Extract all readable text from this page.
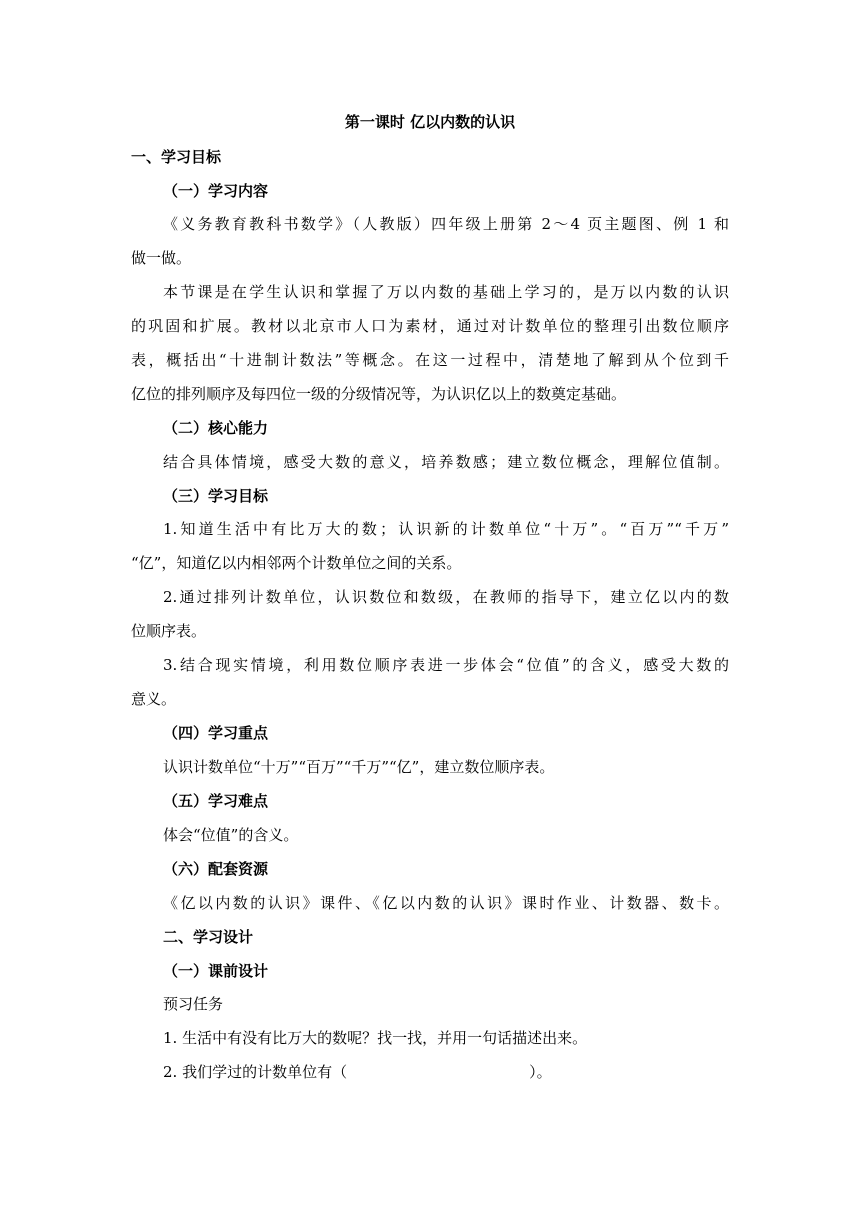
第一课时 亿以内数的认识
一、学习目标
（一）学习内容
《义务教育教科书数学》（人教版）四年级上册第 2～4 页主题图、例 1 和
做一做。
本节课是在学生认识和掌握了万以内数的基础上学习的，是万以内数的认识
的巩固和扩展。教材以北京市人口为素材，通过对计数单位的整理引出数位顺序
表，概括出“十进制计数法”等概念。在这一过程中，清楚地了解到从个位到千
亿位的排列顺序及每四位一级的分级情况等，为认识亿以上的数奠定基础。
（二）核心能力
结合具体情境，感受大数的意义，培养数感；建立数位概念，理解位值制。
（三）学习目标
1.知道生活中有比万大的数；认识新的计数单位“十万”。“百万”“千万”
“亿”，知道亿以内相邻两个计数单位之间的关系。
2.通过排列计数单位，认识数位和数级，在教师的指导下，建立亿以内的数
位顺序表。
3.结合现实情境，利用数位顺序表进一步体会“位值”的含义，感受大数的
意义。
（四）学习重点
认识计数单位“十万”“百万”“千万”“亿”，建立数位顺序表。
（五）学习难点
体会“位值”的含义。
（六）配套资源
《亿以内数的认识》课件、《亿以内数的认识》课时作业、计数器、数卡。
二、学习设计
（一）课前设计
预习任务
1. 生活中有没有比万大的数呢？找一找，并用一句话描述出来。
2. 我们学过的计数单位有（	）。
